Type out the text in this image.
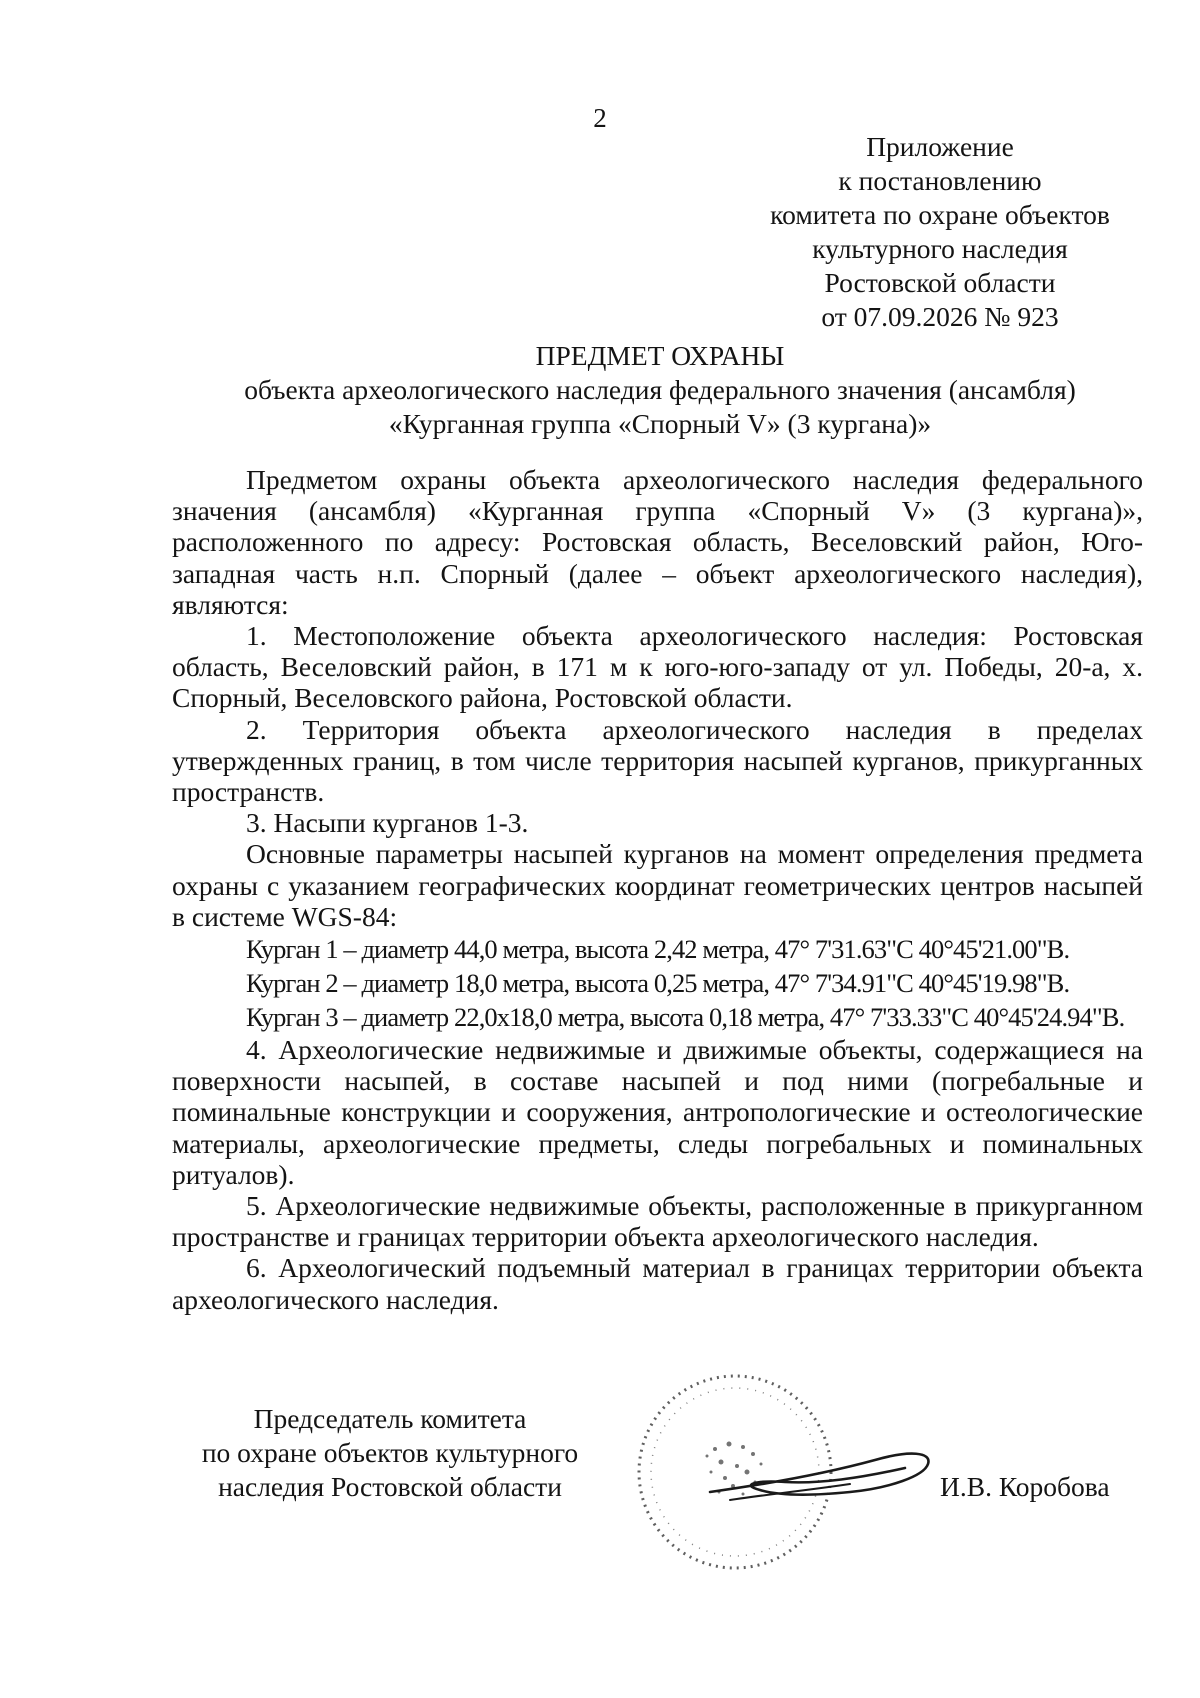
2
Приложение
к постановлению
комитета по охране объектов
культурного наследия
Ростовской области
от 07.09.2026 № 923
ПРЕДМЕТ ОХРАНЫ
объекта археологического наследия федерального значения (ансамбля)
«Курганная группа «Спорный V» (3 кургана)»

Предметом охраны объекта археологического наследия федерального значения (ансамбля) «Курганная группа «Спорный V» (3 кургана)», расположенного по адресу: Ростовская область, Веселовский район, Юго-западная часть н.п. Спорный (далее – объект археологического наследия), являются:

1. Местоположение объекта археологического наследия: Ростовская область, Веселовский район, в 171 м к юго-юго-западу от ул. Победы, 20-а, х. Спорный, Веселовского района, Ростовской области.

2. Территория объекта археологического наследия в пределах утвержденных границ, в том числе территория насыпей курганов, прикурганных пространств.

3. Насыпи курганов 1-3.

Основные параметры насыпей курганов на момент определения предмета охраны с указанием географических координат геометрических центров насыпей в системе WGS-84:

Курган 1 – диаметр 44,0 метра, высота 2,42 метра, 47° 7'31.63"С 40°45'21.00"В.

Курган 2 – диаметр 18,0 метра, высота 0,25 метра, 47° 7'34.91"С 40°45'19.98"В.

Курган 3 – диаметр 22,0х18,0 метра, высота 0,18 метра, 47° 7'33.33"С 40°45'24.94"В.

4. Археологические недвижимые и движимые объекты, содержащиеся на поверхности насыпей, в составе насыпей и под ними (погребальные и поминальные конструкции и сооружения, антропологические и остеологические материалы, археологические предметы, следы погребальных и поминальных ритуалов).

5. Археологические недвижимые объекты, расположенные в прикурганном пространстве и границах территории объекта археологического наследия.

6. Археологический подъемный материал в границах территории объекта археологического наследия.

Председатель комитета
по охране объектов культурного
наследия Ростовской области	И.В. Коробова
